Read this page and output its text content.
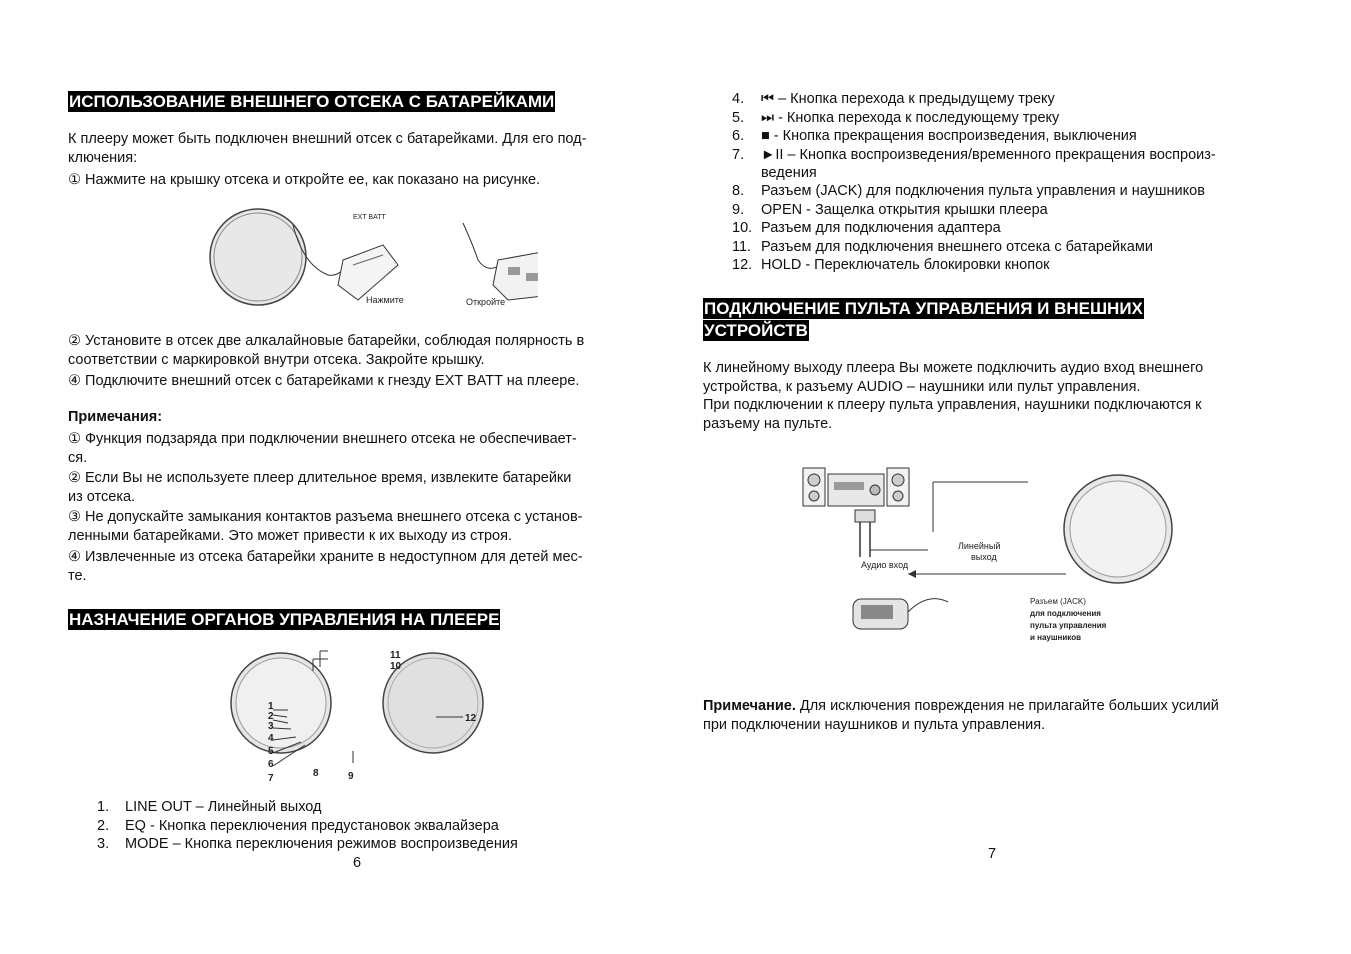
ИСПОЛЬЗОВАНИЕ ВНЕШНЕГО ОТСЕКА С БАТАРЕЙКАМИ
К плееру может быть подключен внешний отсек с батарейками. Для его под-
ключения:
① Нажмите на крышку отсека и откройте ее, как показано на рисунке.
EXT BATT
Нажмите	Откройте
② Установите в отсек две алкалайновые батарейки, соблюдая полярность в
соответствии с маркировкой внутри отсека. Закройте крышку.
④ Подключите внешний отсек с батарейками к гнезду EXT BATT на плеере.
Примечания:
① Функция подзаряда при подключении внешнего отсека не обеспечивает-
ся.
② Если Вы не используете плеер длительное время, извлеките батарейки
из отсека.
③ Не допускайте замыкания контактов разъема внешнего отсека с установ-
ленными батарейками. Это может привести к их выходу из строя.
④ Извлеченные из отсека батарейки храните в недоступном для детей мес-
те.
НАЗНАЧЕНИЕ ОРГАНОВ УПРАВЛЕНИЯ НА ПЛЕЕРЕ
11
10
1
2
3
4
5
6
7	8	9
12
1. LINE OUT – Линейный выход
2. EQ - Кнопка переключения предустановок эквалайзера
3. MODE – Кнопка переключения режимов воспроизведения
6
4. ⏮ – Кнопка перехода к предыдущему треку
5. ⏭ - Кнопка перехода к последующему треку
6. ■ - Кнопка прекращения воспроизведения, выключения
7. ►II – Кнопка воспроизведения/временного прекращения воспроиз-
ведения
8. Разъем (JACK) для подключения пульта управления и наушников
9. OPEN - Защелка открытия крышки плеера
10. Разъем для подключения адаптера
11. Разъем для подключения внешнего отсека с батарейками
12. HOLD - Переключатель блокировки кнопок
ПОДКЛЮЧЕНИЕ ПУЛЬТА УПРАВЛЕНИЯ И ВНЕШНИХ
УСТРОЙСТВ
К линейному выходу плеера Вы можете подключить аудио вход внешнего
устройства, к разъему AUDIO – наушники или пульт управления.
При подключении к плееру пульта управления, наушники подключаются к
разъему на пульте.
Линейный
выход
Аудио вход
Разъем (JACK)
для подключения
пульта управления
и наушников
Примечание. Для исключения повреждения не прилагайте больших усилий
при подключении наушников и пульта управления.
7
